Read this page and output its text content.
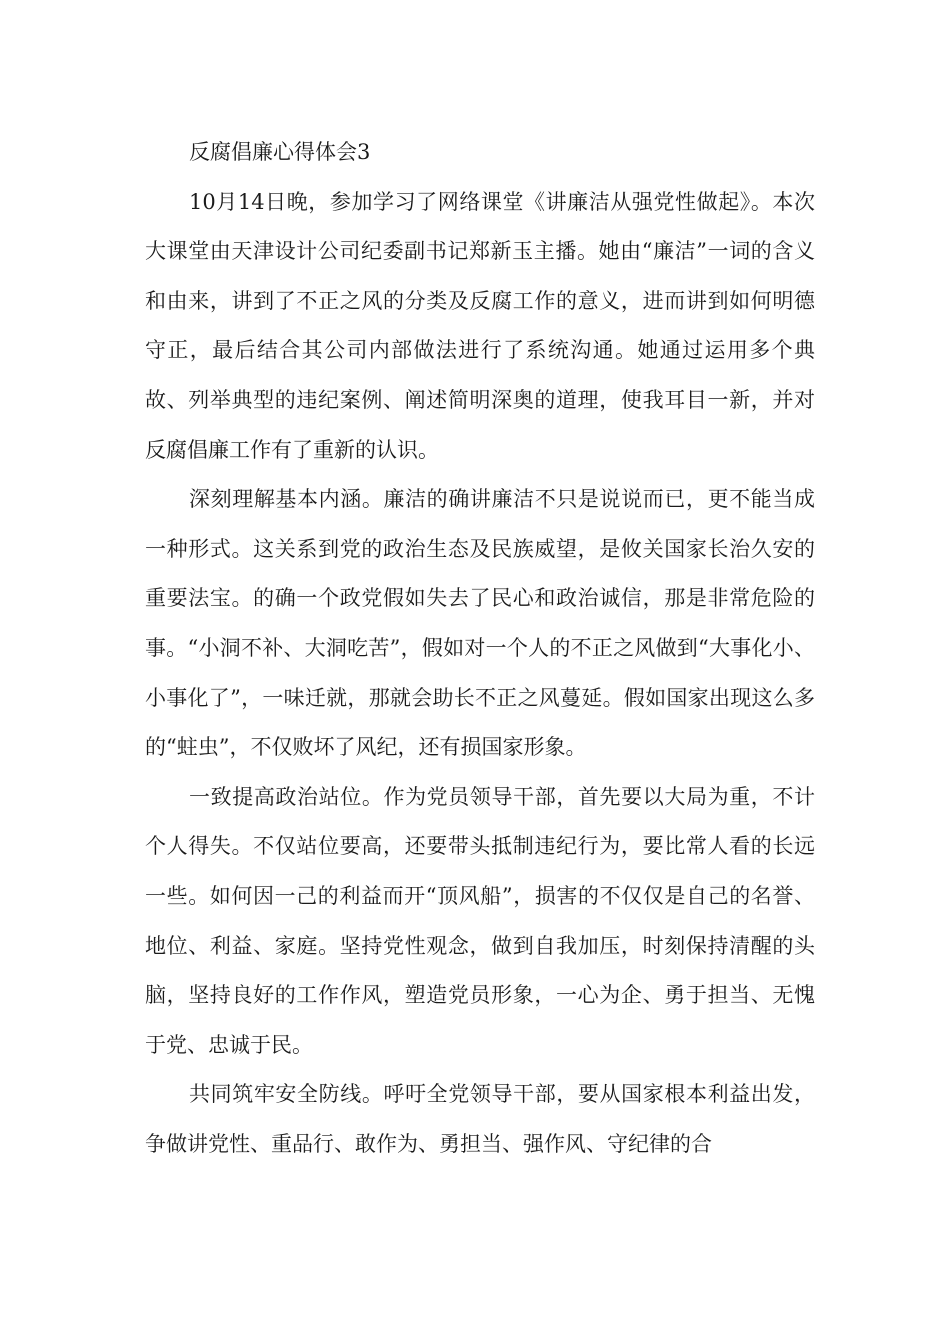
反腐倡廉心得体会3

10月14日晚，参加学习了网络课堂《讲廉洁从强党性做起》。本次大课堂由天津设计公司纪委副书记郑新玉主播。她由“廉洁”一词的含义和由来，讲到了不正之风的分类及反腐工作的意义，进而讲到如何明德守正，最后结合其公司内部做法进行了系统沟通。她通过运用多个典故、列举典型的违纪案例、阐述简明深奥的道理，使我耳目一新，并对反腐倡廉工作有了重新的认识。

深刻理解基本内涵。廉洁的确讲廉洁不只是说说而已，更不能当成一种形式。这关系到党的政治生态及民族威望，是攸关国家长治久安的重要法宝。的确一个政党假如失去了民心和政治诚信，那是非常危险的事。“小洞不补、大洞吃苦”，假如对一个人的不正之风做到“大事化小、小事化了”，一味迁就，那就会助长不正之风蔓延。假如国家出现这么多的“蛀虫”，不仅败坏了风纪，还有损国家形象。

一致提高政治站位。作为党员领导干部，首先要以大局为重，不计个人得失。不仅站位要高，还要带头抵制违纪行为，要比常人看的长远一些。如何因一己的利益而开“顶风船”，损害的不仅仅是自己的名誉、地位、利益、家庭。坚持党性观念，做到自我加压，时刻保持清醒的头脑，坚持良好的工作作风，塑造党员形象，一心为企、勇于担当、无愧于党、忠诚于民。

共同筑牢安全防线。呼吁全党领导干部，要从国家根本利益出发，争做讲党性、重品行、敢作为、勇担当、强作风、守纪律的合
